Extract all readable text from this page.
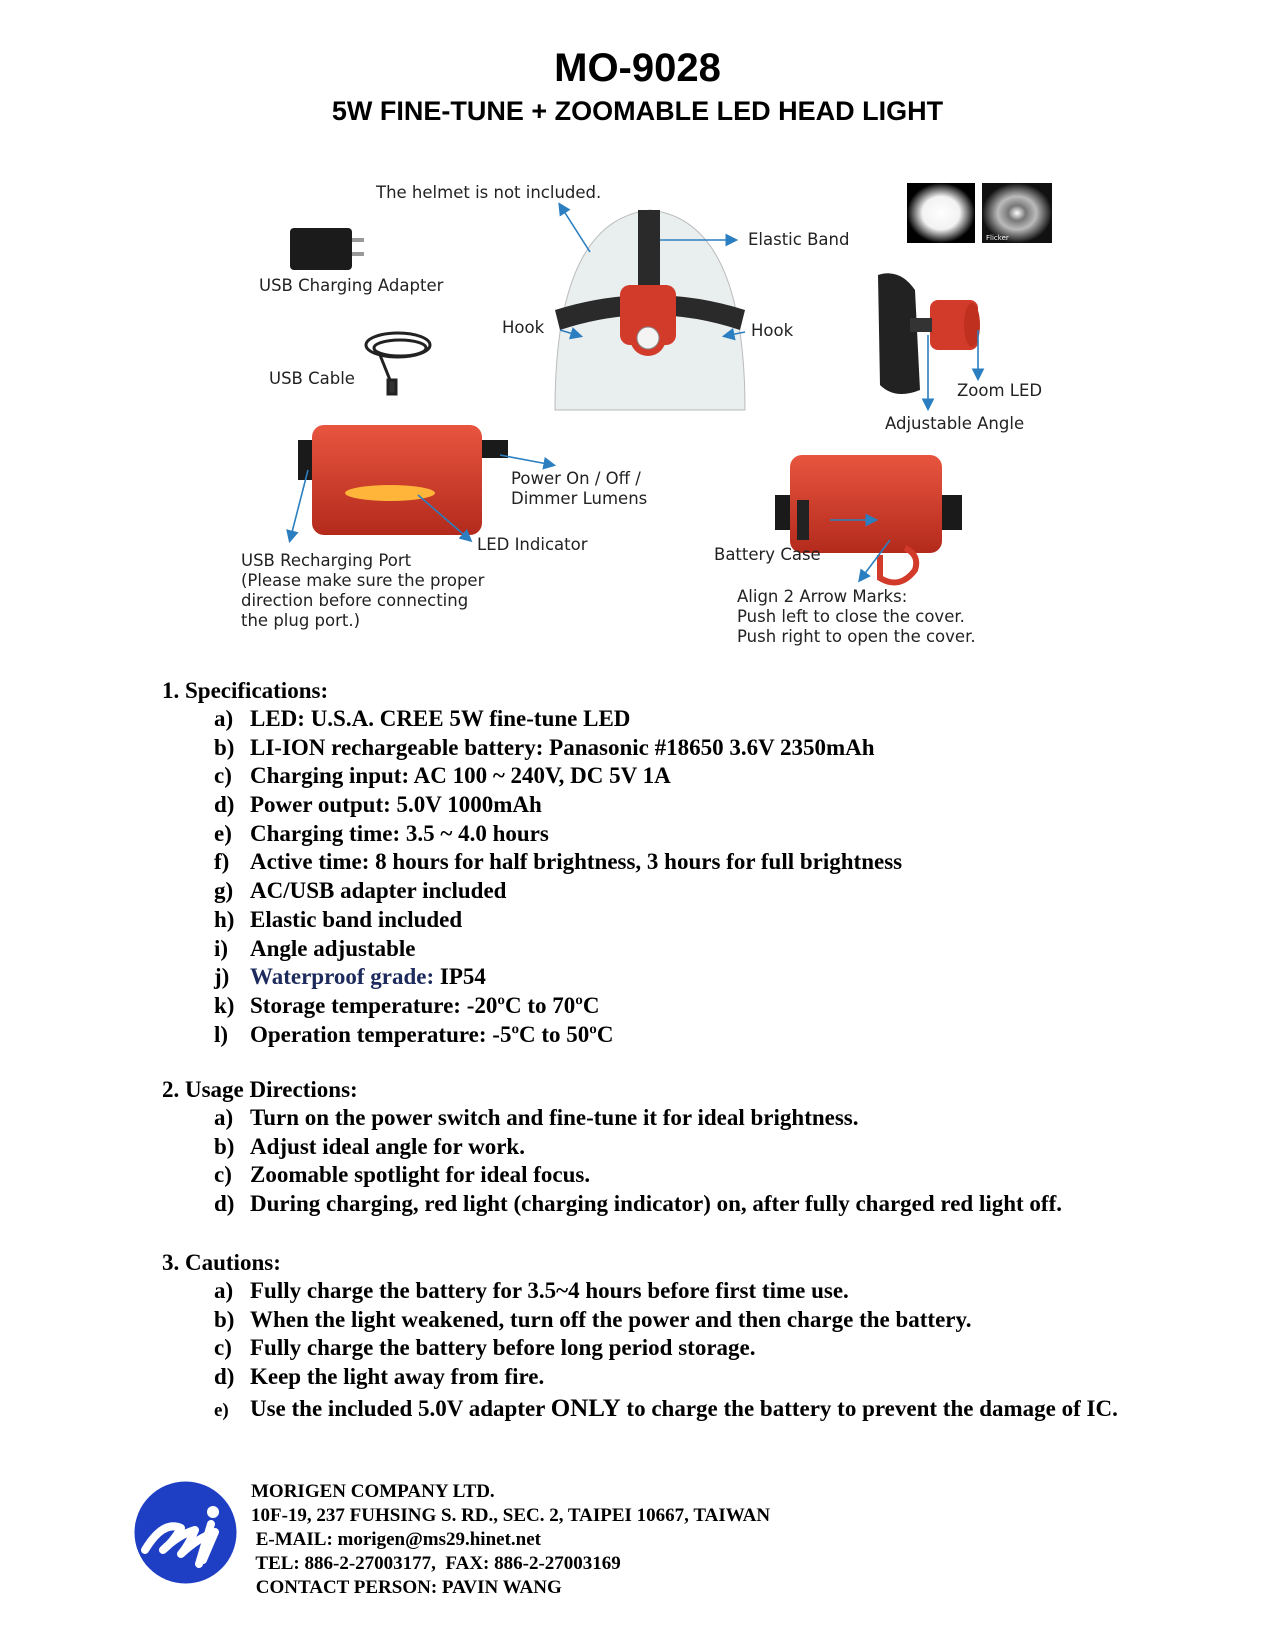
MO-9028
5W FINE-TUNE + ZOOMABLE LED HEAD LIGHT
Flicker
The helmet is not included.
Elastic Band
USB Charging Adapter
Hook	Hook
USB Cable
Zoom LED
Adjustable Angle
Power On / Off /
Dimmer Lumens
LED Indicator
Battery Case
USB Recharging Port
(Please make sure the proper
direction before connecting
the plug port.)
Align 2 Arrow Marks:
Push left to close the cover.
Push right to open the cover.
1. Specifications:
a) LED: U.S.A. CREE 5W fine-tune LED
b) LI-ION rechargeable battery: Panasonic #18650 3.6V 2350mAh
c) Charging input: AC 100 ~ 240V, DC 5V 1A
d) Power output: 5.0V 1000mAh
e) Charging time: 3.5 ~ 4.0 hours
f) Active time: 8 hours for half brightness, 3 hours for full brightness
g) AC/USB adapter included
h) Elastic band included
i) Angle adjustable
j) Waterproof grade: IP54
k) Storage temperature: -20ºC to 70ºC
l) Operation temperature: -5ºC to 50ºC
2. Usage Directions:
a) Turn on the power switch and fine-tune it for ideal brightness.
b) Adjust ideal angle for work.
c) Zoomable spotlight for ideal focus.
d) During charging, red light (charging indicator) on, after fully charged red light off.
3. Cautions:
a) Fully charge the battery for 3.5~4 hours before first time use.
b) When the light weakened, turn off the power and then charge the battery.
c) Fully charge the battery before long period storage.
d) Keep the light away from fire.
e) Use the included 5.0V adapter ONLY to charge the battery to prevent the damage of IC.
MORIGEN COMPANY LTD.
10F-19, 237 FUHSING S. RD., SEC. 2, TAIPEI 10667, TAIWAN
E-MAIL: morigen@ms29.hinet.net
TEL: 886-2-27003177,  FAX: 886-2-27003169
CONTACT PERSON: PAVIN WANG
